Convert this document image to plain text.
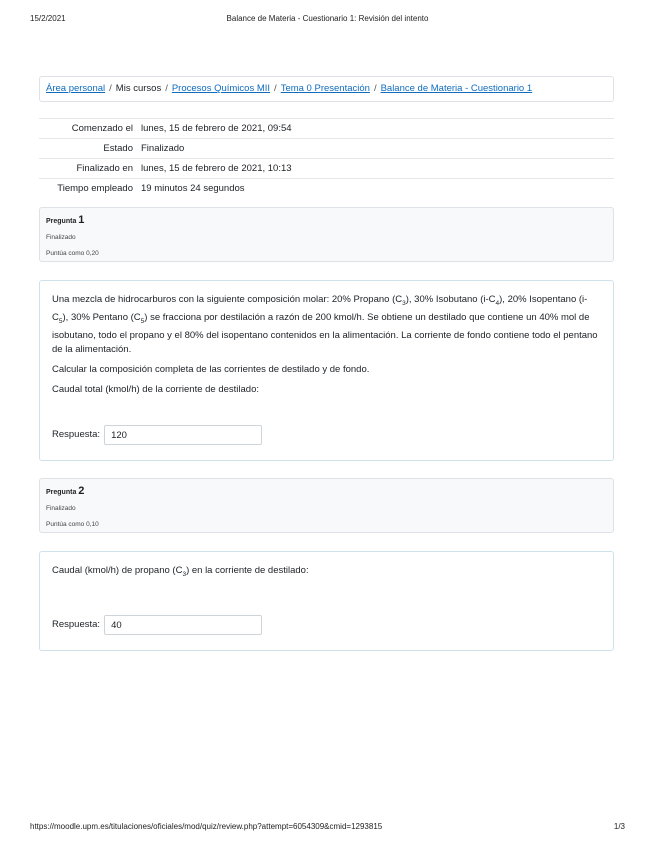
15/2/2021	Balance de Materia - Cuestionario 1: Revisión del intento
Área personal / Mis cursos / Procesos Químicos MII / Tema 0 Presentación / Balance de Materia - Cuestionario 1
Comenzado el	lunes, 15 de febrero de 2021, 09:54
Estado	Finalizado
Finalizado en	lunes, 15 de febrero de 2021, 10:13
Tiempo empleado	19 minutos 24 segundos
Pregunta 1
Finalizado
Puntúa como 0,20

Una mezcla de hidrocarburos con la siguiente composición molar: 20% Propano $(C_3)$, 30% Isobutano $(i-C_4)$, 20% Isopentano $(i-C_5)$, 30% Pentano $(C_5)$ se fracciona por destilación a razón de 200 kmol/h. Se obtiene un destilado que contiene un 40% mol de isobutano, todo el propano y el 80% del isopentano contenidos en la alimentación. La corriente de fondo contiene todo el pentano de la alimentación.

Calcular la composición completa de las corrientes de destilado y de fondo.

Caudal total (kmol/h) de la corriente de destilado:

Respuesta:
120
Pregunta 2
Finalizado
Puntúa como 0,10

Caudal (kmol/h) de propano $(C_3)$ en la corriente de destilado:

Respuesta:
40
https://moodle.upm.es/titulaciones/oficiales/mod/quiz/review.php?attempt=6054309&cmid=1293815	1/3
